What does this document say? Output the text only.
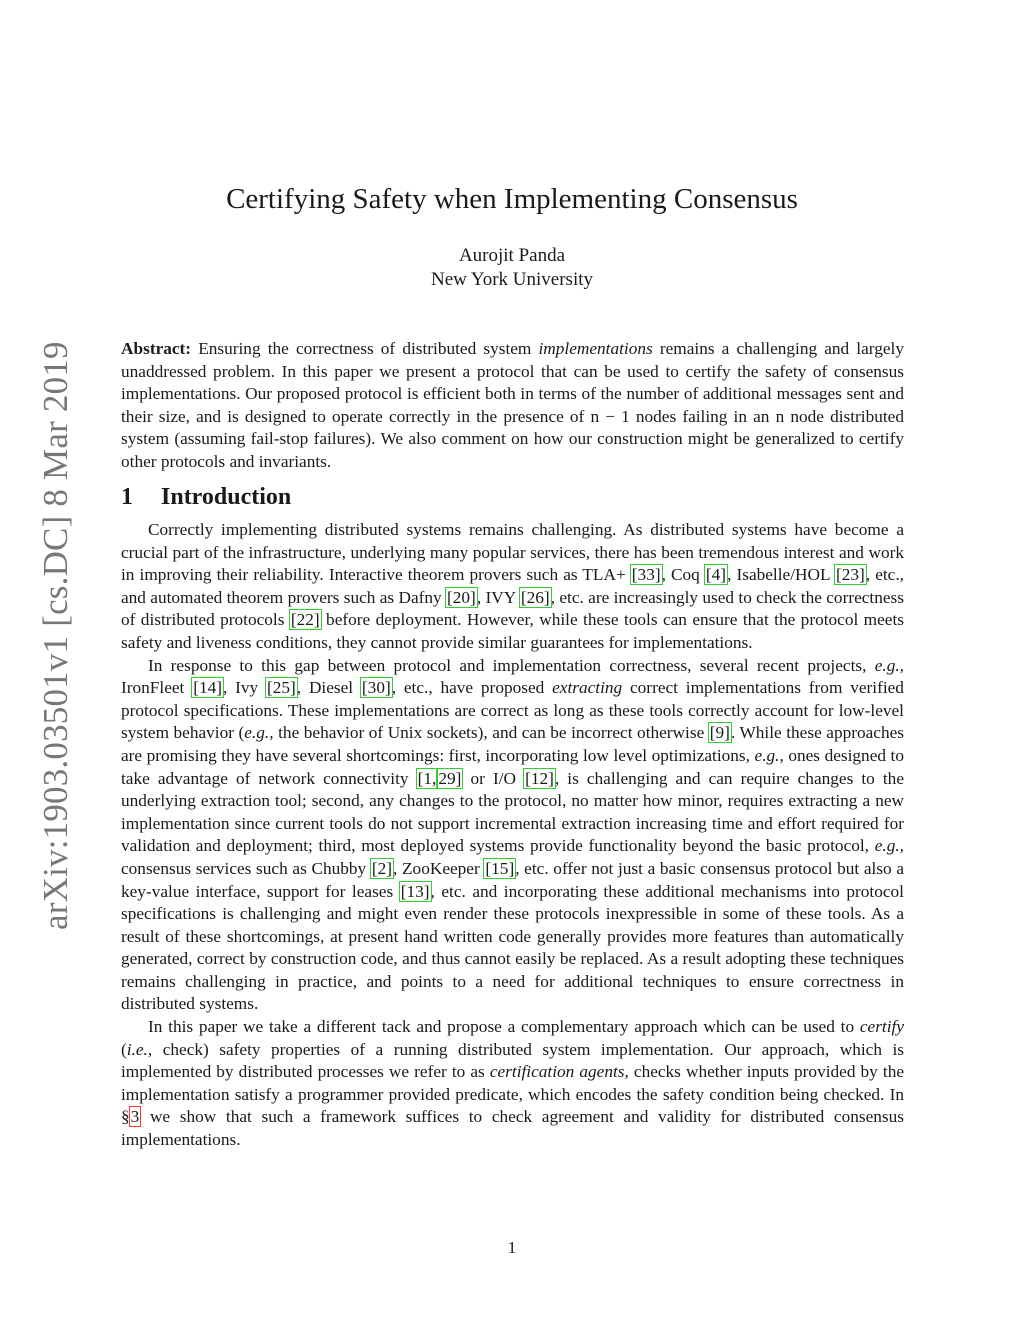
arXiv:1903.03501v1 [cs.DC] 8 Mar 2019
Certifying Safety when Implementing Consensus
Aurojit Panda
New York University
Abstract: Ensuring the correctness of distributed system implementations remains a challenging and largely unaddressed problem. In this paper we present a protocol that can be used to certify the safety of consensus implementations. Our proposed protocol is efficient both in terms of the number of additional messages sent and their size, and is designed to operate correctly in the presence of n − 1 nodes failing in an n node distributed system (assuming fail-stop failures). We also comment on how our construction might be generalized to certify other protocols and invariants.
1 Introduction

Correctly implementing distributed systems remains challenging. As distributed systems have become a crucial part of the infrastructure, underlying many popular services, there has been tremendous interest and work in improving their reliability. Interactive theorem provers such as TLA+ [33], Coq [4], Isabelle/HOL [23], etc., and automated theorem provers such as Dafny [20], IVY [26], etc. are increasingly used to check the correctness of distributed protocols [22] before deployment. However, while these tools can ensure that the protocol meets safety and liveness conditions, they cannot provide similar guarantees for implementations.

In response to this gap between protocol and implementation correctness, several recent projects, e.g., IronFleet [14], Ivy [25], Diesel [30], etc., have proposed extracting correct implementations from verified protocol specifications. These implementations are correct as long as these tools correctly account for low-level system behavior (e.g., the behavior of Unix sockets), and can be incorrect otherwise [9]. While these approaches are promising they have several shortcomings: first, incorporating low level optimizations, e.g., ones designed to take advantage of network connectivity [1, 29] or I/O [12], is challenging and can require changes to the underlying extraction tool; second, any changes to the protocol, no matter how minor, requires extracting a new implementation since current tools do not support incremental extraction increasing time and effort required for validation and deployment; third, most deployed systems provide functionality beyond the basic protocol, e.g., consensus services such as Chubby [2], ZooKeeper [15], etc. offer not just a basic consensus protocol but also a key-value interface, support for leases [13], etc. and incorporating these additional mechanisms into protocol specifications is challenging and might even render these protocols inexpressible in some of these tools. As a result of these shortcomings, at present hand written code generally provides more features than automatically generated, correct by construction code, and thus cannot easily be replaced. As a result adopting these techniques remains challenging in practice, and points to a need for additional techniques to ensure correctness in distributed systems.

In this paper we take a different tack and propose a complementary approach which can be used to certify (i.e., check) safety properties of a running distributed system implementation. Our approach, which is implemented by distributed processes we refer to as certification agents, checks whether inputs provided by the implementation satisfy a programmer provided predicate, which encodes the safety condition being checked. In §3 we show that such a framework suffices to check agreement and validity for distributed consensus implementations.

1
